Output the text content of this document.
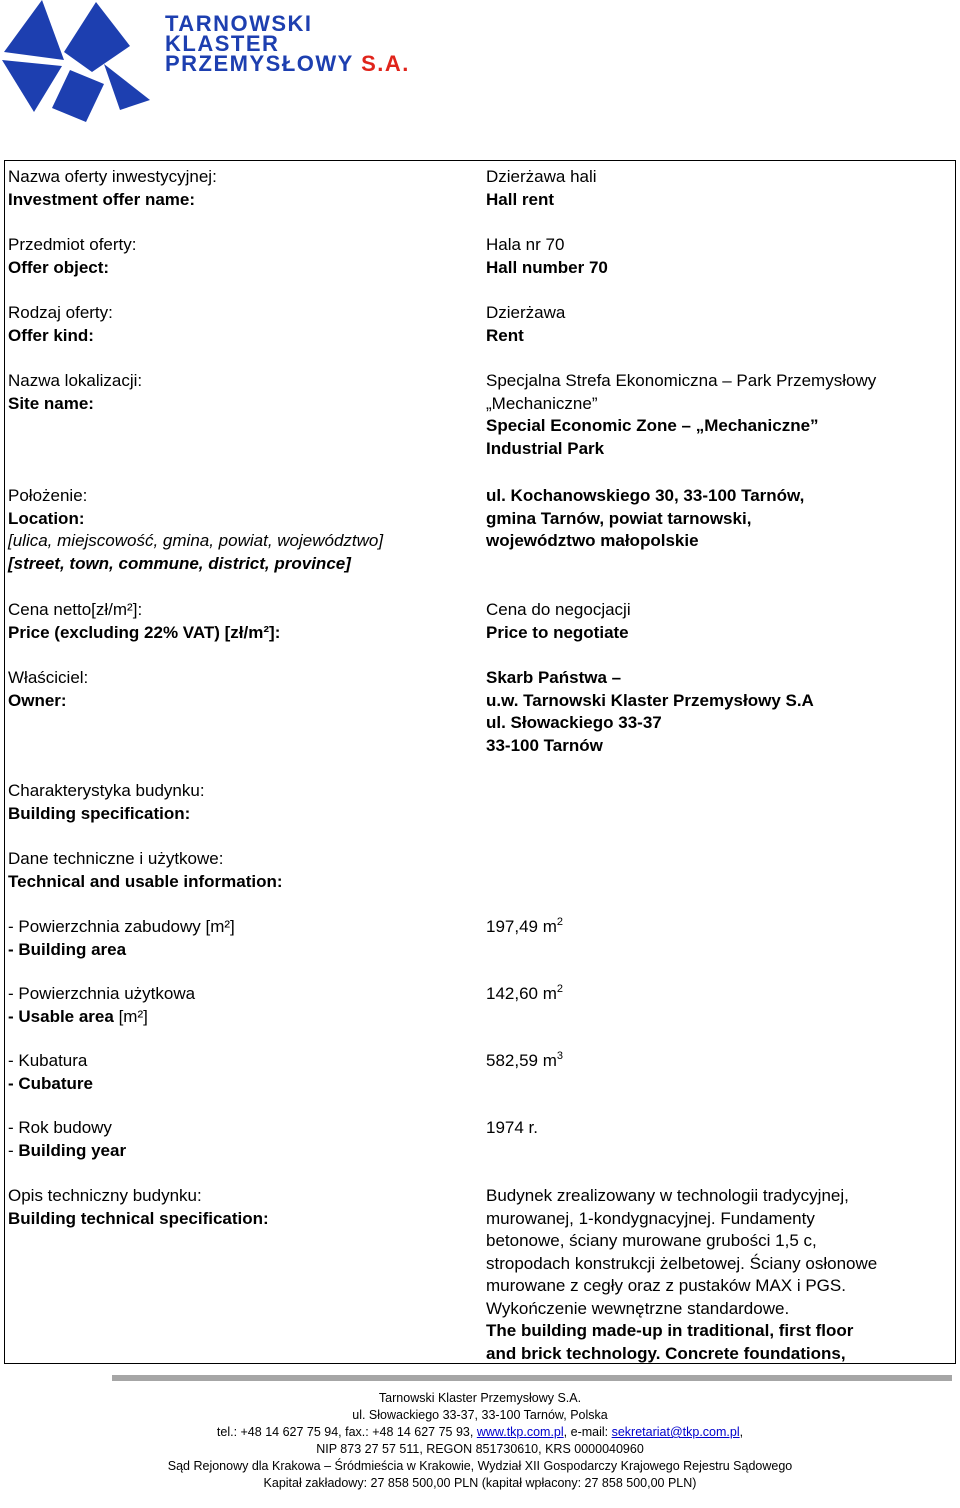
TARNOWSKI
KLASTER
PRZEMYSŁOWY S.A.
Nazwa oferty inwestycyjnej:
Investment offer name:
Dzierżawa hali
Hall rent
Przedmiot oferty:
Offer object:
Hala nr 70
Hall number 70
Rodzaj oferty:
Offer kind:
Dzierżawa
Rent
Nazwa lokalizacji:
Site name:
Specjalna Strefa Ekonomiczna – Park Przemysłowy
„Mechaniczne”
Special Economic Zone – „Mechaniczne”
Industrial Park
Położenie:
Location:
[ulica, miejscowość, gmina, powiat, województwo]
[street, town, commune, district, province]
ul. Kochanowskiego 30, 33-100 Tarnów,
gmina Tarnów, powiat tarnowski,
województwo małopolskie
Cena netto[zł/m²]:
Price (excluding 22% VAT) [zł/m²]:
Cena do negocjacji
Price to negotiate
Właściciel:
Owner:
Skarb Państwa –
u.w. Tarnowski Klaster Przemysłowy S.A
ul. Słowackiego 33-37
33-100 Tarnów
Charakterystyka budynku:
Building specification:
Dane techniczne i użytkowe:
Technical and usable information:
- Powierzchnia zabudowy [m²]
- Building area
197,49 $m^2$
- Powierzchnia użytkowa
- Usable area [m²]
142,60 $m^2$
- Kubatura
- Cubature
582,59 $m^3$
- Rok budowy
- Building year
1974 r.
Opis techniczny budynku:
Building technical specification:
Budynek zrealizowany w technologii tradycyjnej,
murowanej, 1-kondygnacyjnej. Fundamenty
betonowe, ściany murowane grubości 1,5 c,
stropodach konstrukcji żelbetowej. Ściany osłonowe
murowane z cegły oraz z pustaków MAX i PGS.
Wykończenie wewnętrzne standardowe.
The building made-up in traditional, first floor
and brick technology. Concrete foundations,
Tarnowski Klaster Przemysłowy S.A.
ul. Słowackiego 33-37, 33-100 Tarnów, Polska
tel.: +48 14 627 75 94, fax.: +48 14 627 75 93, www.tkp.com.pl, e-mail: sekretariat@tkp.com.pl,
NIP 873 27 57 511, REGON 851730610, KRS 0000040960
Sąd Rejonowy dla Krakowa – Śródmieścia w Krakowie, Wydział XII Gospodarczy Krajowego Rejestru Sądowego
Kapitał zakładowy: 27 858 500,00 PLN (kapitał wpłacony: 27 858 500,00 PLN)
